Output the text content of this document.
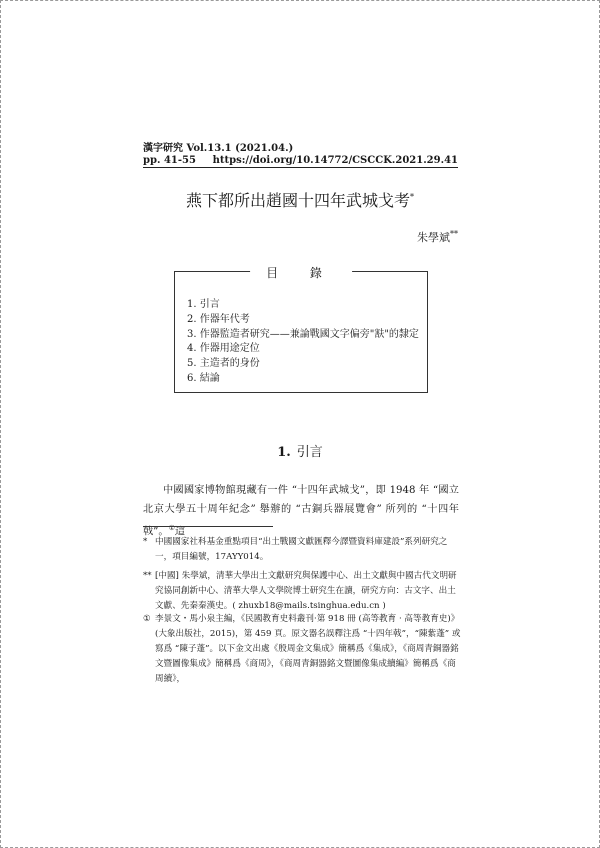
漢字研究 Vol.13.1 (2021.04.)
pp. 41-55 https://doi.org/10.14772/CSCCK.2021.29.41
燕下都所出趙國十四年武城戈考*
朱學斌**
目 錄
1. 引言
2. 作器年代考
3. 作器監造者研究——兼論戰國文字偏旁"㝬"的隸定
4. 作器用途定位
5. 主造者的身份
6. 結論
1. 引言
中國國家博物館現藏有一件 “十四年武城戈”，即 1948 年 “國立北京大學五十周年紀念” 舉辦的 “古銅兵器展覽會” 所列的 “十四年戟”。①這
* 中國國家社科基金重點項目“出土戰國文獻匯釋今譯暨資料庫建設”系列研究之一，項目編號，17AYY014。
** [中國] 朱學斌，清華大學出土文獻研究與保護中心、出土文獻與中國古代文明研究協同創新中心、清華大學人文學院博士研究生在讀，研究方向：古文字、出土文獻、先秦秦漢史。( zhuxb18@mails.tsinghua.edu.cn )
① 李景文・馬小泉主編，《民國教育史料叢刊·第 918 冊 (高等教育 · 高等教育史)》(大象出版社，2015)，第 459 頁。原文器名誤釋注爲 “十四年戟”，“陳紫蓬” 或寫爲 “陳子蓬”。以下金文出處《殷周金文集成》簡稱爲《集成》，《商周青銅器銘文暨圖像集成》簡稱爲《商周》，《商周青銅器銘文暨圖像集成續編》簡稱爲《商周續》，
